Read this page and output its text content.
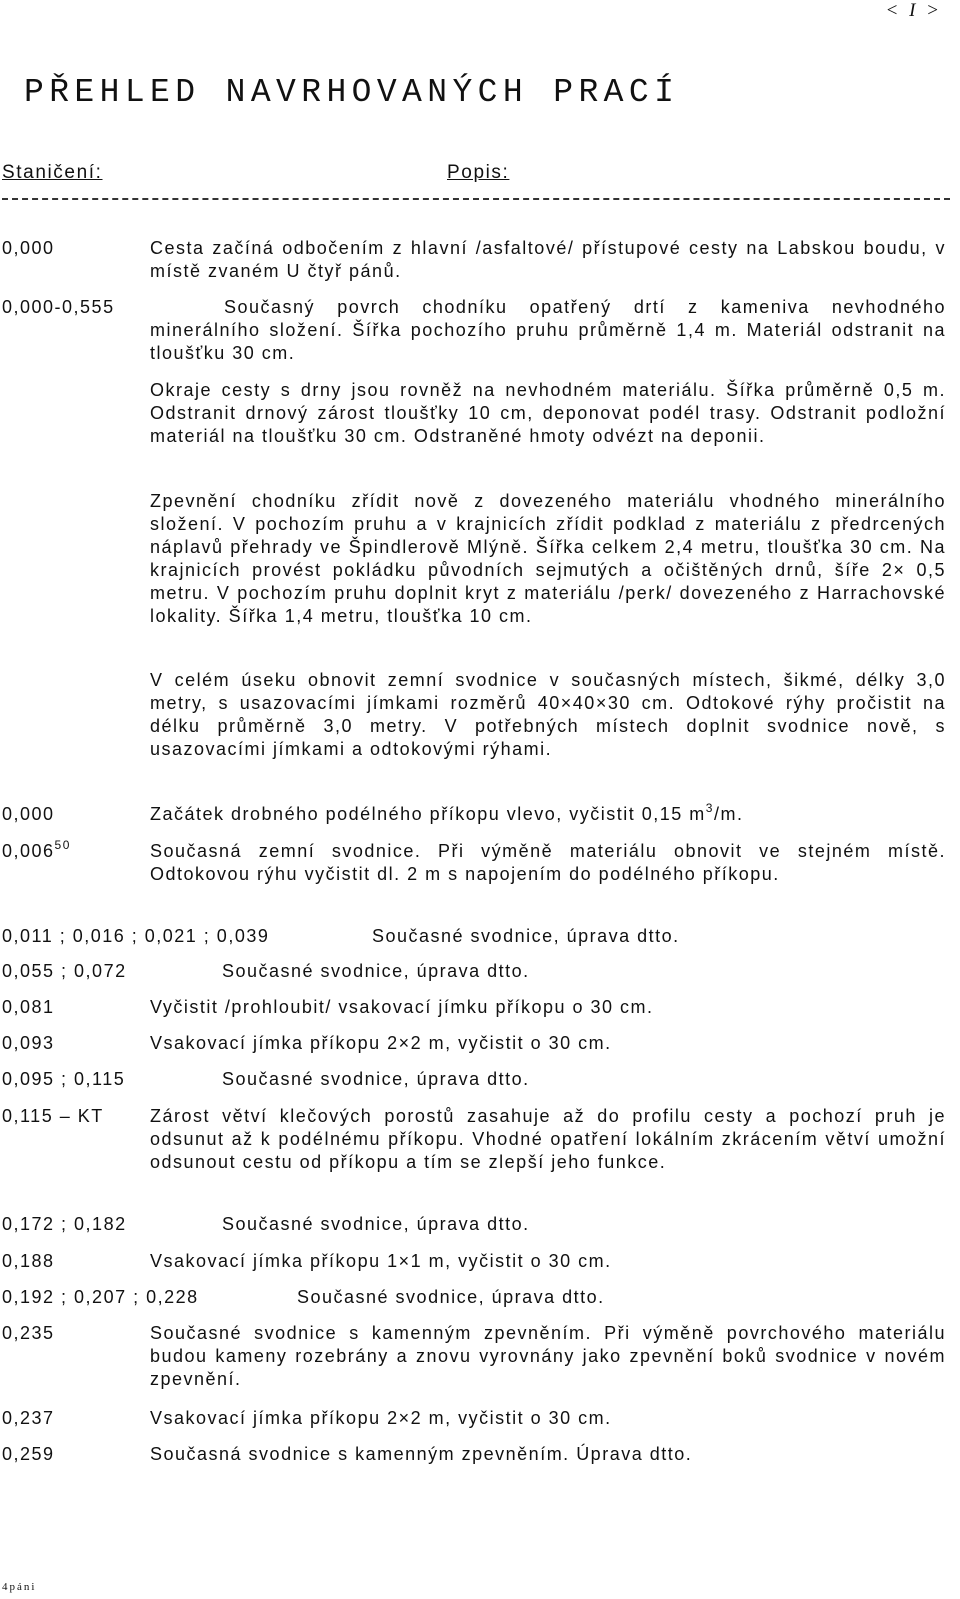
< I >
PŘEHLED NAVRHOVANÝCH PRACÍ
Staničení:	Popis:
0,000	Cesta začíná odbočením z hlavní /asfaltové/ přístupové cesty na Labskou boudu, v místě zvaném U čtyř pánů.

0,000-0,555	Současný povrch chodníku opatřený drtí z kameniva nevhodného minerálního složení. Šířka pochozího pruhu průměrně 1,4 m. Materiál odstranit na tloušťku 30 cm.

Okraje cesty s drny jsou rovněž na nevhodném materiálu. Šířka průměrně 0,5 m. Odstranit drnový zárost tloušťky 10 cm, deponovat podél trasy. Odstranit podložní materiál na tloušťku 30 cm. Odstraněné hmoty odvézt na deponii.

Zpevnění chodníku zřídit nově z dovezeného materiálu vhodného minerálního složení. V pochozím pruhu a v krajnicích zřídit podklad z materiálu z předrcených náplavů přehrady ve Špindlerově Mlýně. Šířka celkem 2,4 metru, tloušťka 30 cm. Na krajnicích provést pokládku původních sejmutých a očištěných drnů, šíře 2× 0,5 metru. V pochozím pruhu doplnit kryt z materiálu /perk/ dovezeného z Harrachovské lokality. Šířka 1,4 metru, tloušťka 10 cm.

V celém úseku obnovit zemní svodnice v současných místech, šikmé, délky 3,0 metry, s usazovacími jímkami rozměrů 40×40×30 cm. Odtokové rýhy pročistit na délku průměrně 3,0 metry. V potřebných místech doplnit svodnice nově, s usazovacími jímkami a odtokovými rýhami.

0,000	Začátek drobného podélného příkopu vlevo, vyčistit 0,15 $m^3/m$.

0,006$^{50}$	Současná zemní svodnice. Při výměně materiálu obnovit ve stejném místě. Odtokovou rýhu vyčistit dl. 2 m s napojením do podélného příkopu.

0,011 ; 0,016 ; 0,021 ; 0,039	Současné svodnice, úprava dtto.
0,055 ; 0,072	Současné svodnice, úprava dtto.
0,081	Vyčistit /prohloubit/ vsakovací jímku příkopu o 30 cm.
0,093	Vsakovací jímka příkopu 2×2 m, vyčistit o 30 cm.
0,095 ; 0,115	Současné svodnice, úprava dtto.
0,115 – KT	Zárost větví klečových porostů zasahuje až do profilu cesty a pochozí pruh je odsunut až k podélnému příkopu. Vhodné opatření lokálním zkrácením větví umožní odsunout cestu od příkopu a tím se zlepší jeho funkce.

0,172 ; 0,182	Současné svodnice, úprava dtto.
0,188	Vsakovací jímka příkopu 1×1 m, vyčistit o 30 cm.
0,192 ; 0,207 ; 0,228	Současné svodnice, úprava dtto.
0,235	Současné svodnice s kamenným zpevněním. Při výměně povrchového materiálu budou kameny rozebrány a znovu vyrovnány jako zpevnění boků svodnice v novém zpevnění.

0,237	Vsakovací jímka příkopu 2×2 m, vyčistit o 30 cm.
0,259	Současná svodnice s kamenným zpevněním. Úprava dtto.
4páni
